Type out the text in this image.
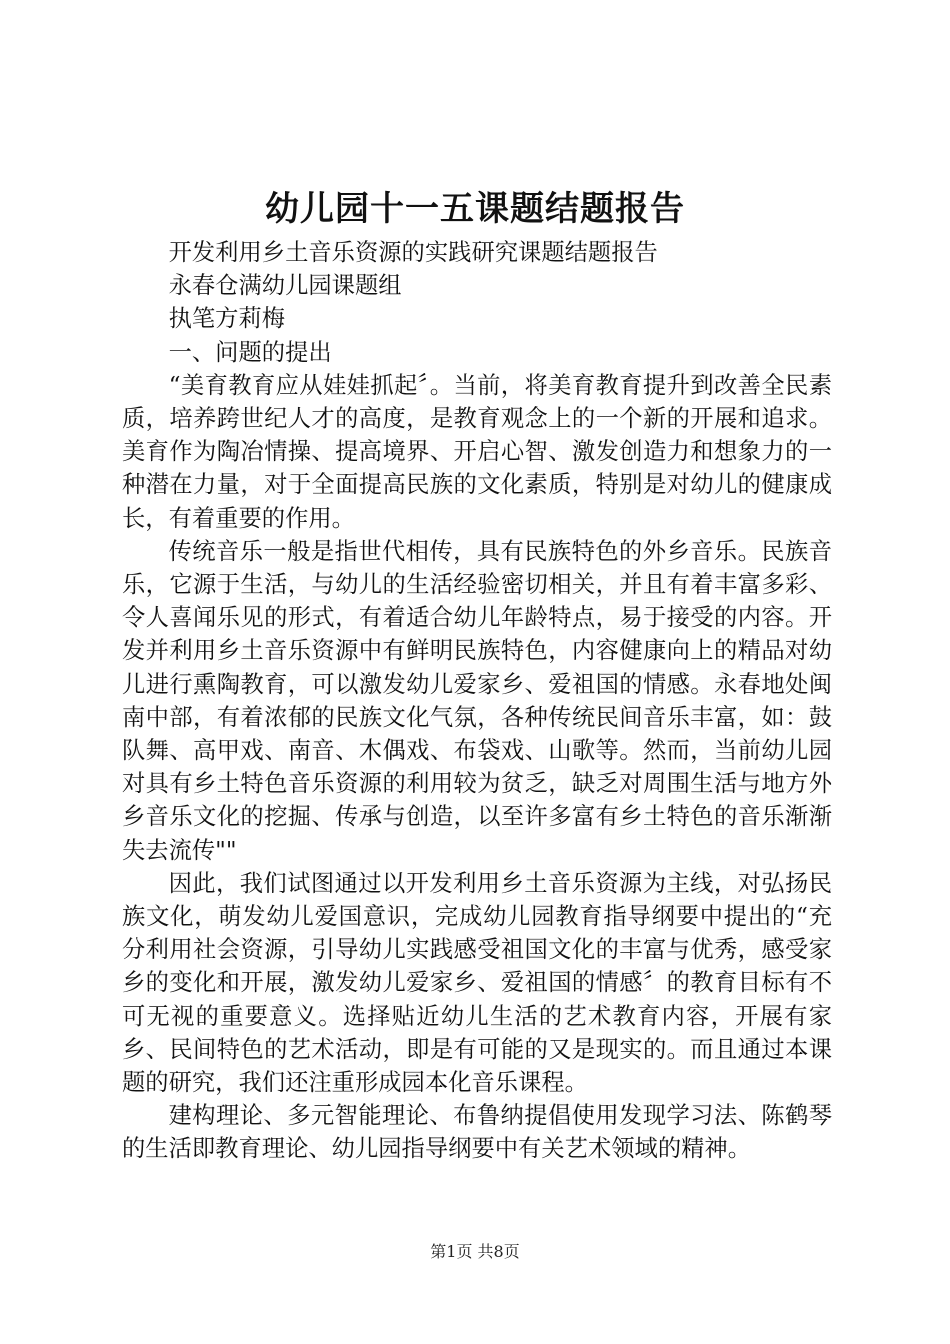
幼儿园十一五课题结题报告

开发利用乡土音乐资源的实践研究课题结题报告

永春仓满幼儿园课题组

执笔方莉梅

一、问题的提出

“美育教育应从娃娃抓起〞。当前，将美育教育提升到改善全民素质，培养跨世纪人才的高度，是教育观念上的一个新的开展和追求。美育作为陶冶情操、提高境界、开启心智、激发创造力和想象力的一种潜在力量，对于全面提高民族的文化素质，特别是对幼儿的健康成长，有着重要的作用。

传统音乐一般是指世代相传，具有民族特色的外乡音乐。民族音乐，它源于生活，与幼儿的生活经验密切相关，并且有着丰富多彩、令人喜闻乐见的形式，有着适合幼儿年龄特点，易于接受的内容。开发并利用乡土音乐资源中有鲜明民族特色，内容健康向上的精品对幼儿进行熏陶教育，可以激发幼儿爱家乡、爱祖国的情感。永春地处闽南中部，有着浓郁的民族文化气氛，各种传统民间音乐丰富，如：鼓队舞、高甲戏、南音、木偶戏、布袋戏、山歌等。然而，当前幼儿园对具有乡土特色音乐资源的利用较为贫乏，缺乏对周围生活与地方外乡音乐文化的挖掘、传承与创造，以至许多富有乡土特色的音乐渐渐失去流传""

因此，我们试图通过以开发利用乡土音乐资源为主线，对弘扬民族文化，萌发幼儿爱国意识，完成幼儿园教育指导纲要中提出的“充分利用社会资源，引导幼儿实践感受祖国文化的丰富与优秀，感受家乡的变化和开展，激发幼儿爱家乡、爱祖国的情感〞的教育目标有不可无视的重要意义。选择贴近幼儿生活的艺术教育内容，开展有家乡、民间特色的艺术活动，即是有可能的又是现实的。而且通过本课题的研究，我们还注重形成园本化音乐课程。

建构理论、多元智能理论、布鲁纳提倡使用发现学习法、陈鹤琴的生活即教育理论、幼儿园指导纲要中有关艺术领域的精神。

第1页 共8页
